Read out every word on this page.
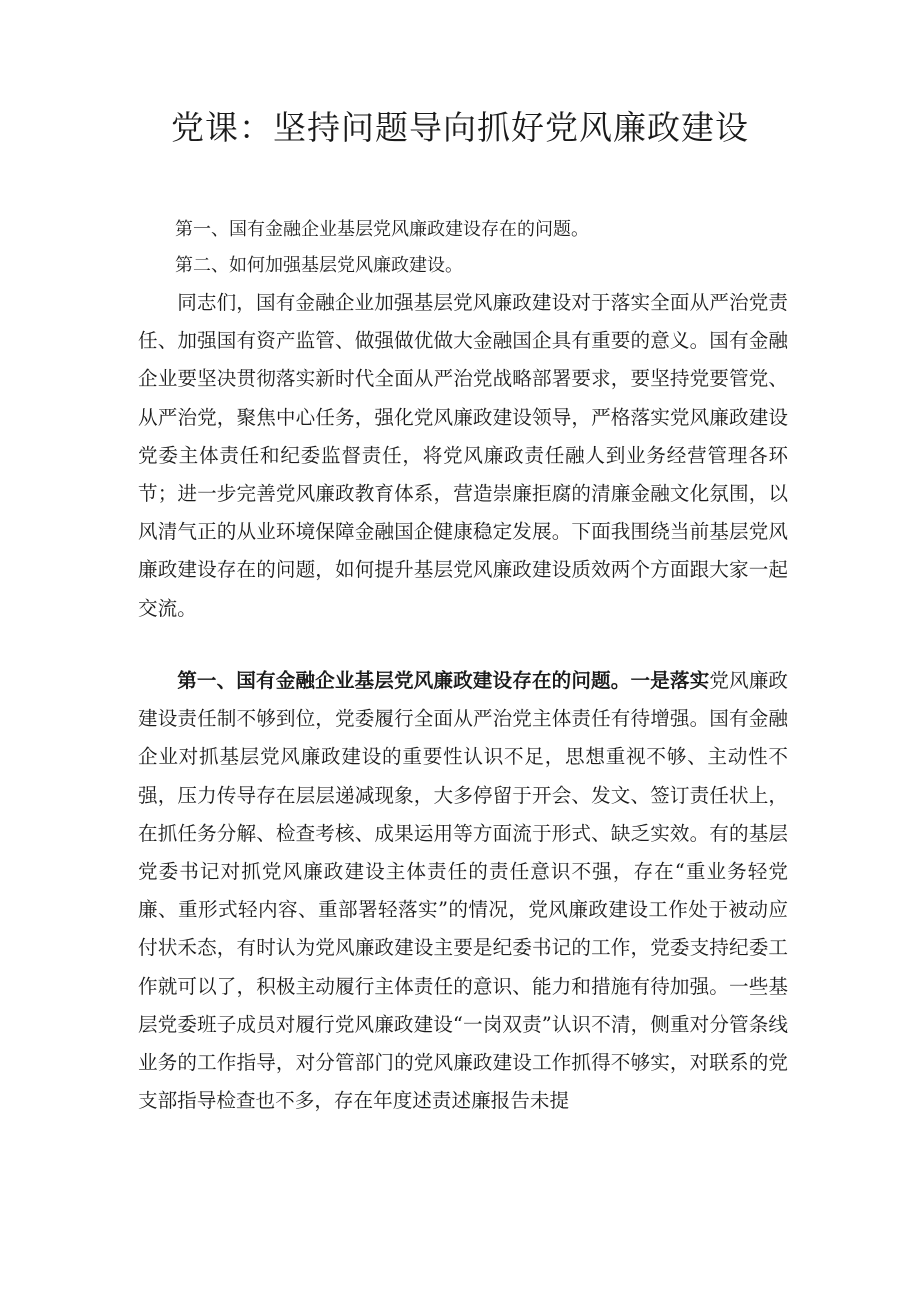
党课：坚持问题导向抓好党风廉政建设

第一、国有金融企业基层党风廉政建设存在的问题。

第二、如何加强基层党风廉政建设。

同志们，国有金融企业加强基层党风廉政建设对于落实全面从严治党责任、加强国有资产监管、做强做优做大金融国企具有重要的意义。国有金融企业要坚决贯彻落实新时代全面从严治党战略部署要求，要坚持党要管党、从严治党，聚焦中心任务，强化党风廉政建设领导，严格落实党风廉政建设党委主体责任和纪委监督责任，将党风廉政责任融人到业务经营管理各环节；进一步完善党风廉政教育体系，营造崇廉拒腐的清廉金融文化氛围，以风清气正的从业环境保障金融国企健康稳定发展。下面我围绕当前基层党风廉政建设存在的问题，如何提升基层党风廉政建设质效两个方面跟大家一起交流。

第一、国有金融企业基层党风廉政建设存在的问题。一是落实党风廉政建设责任制不够到位，党委履行全面从严治党主体责任有待增强。国有金融企业对抓基层党风廉政建设的重要性认识不足，思想重视不够、主动性不强，压力传导存在层层递减现象，大多停留于开会、发文、签订责任状上，在抓任务分解、检查考核、成果运用等方面流于形式、缺乏实效。有的基层党委书记对抓党风廉政建设主体责任的责任意识不强，存在“重业务轻党廉、重形式轻内容、重部署轻落实”的情况，党风廉政建设工作处于被动应付状禾态，有时认为党风廉政建设主要是纪委书记的工作，党委支持纪委工作就可以了，积极主动履行主体责任的意识、能力和措施有待加强。一些基层党委班子成员对履行党风廉政建设“一岗双责”认识不清，侧重对分管条线业务的工作指导，对分管部门的党风廉政建设工作抓得不够实，对联系的党支部指导检查也不多，存在年度述责述廉报告未提
